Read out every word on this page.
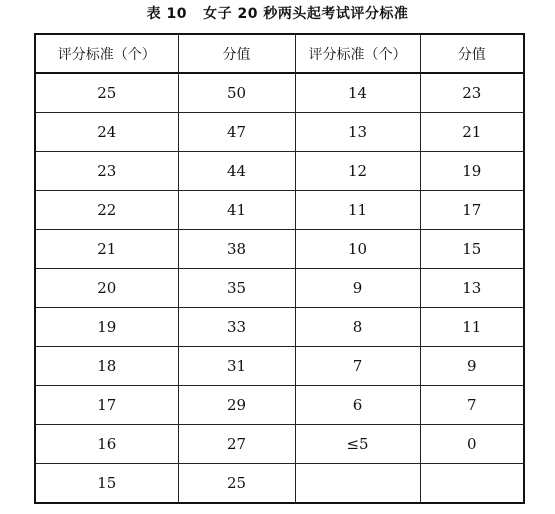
表 10 女子 20 秒两头起考试评分标准
评分标准（个）	分值	评分标准（个）	分值
25	50	14	23
24	47	13	21
23	44	12	19
22	41	11	17
21	38	10	15
20	35	9	13
19	33	8	11
18	31	7	9
17	29	6	7
16	27	≤5	0
15	25		
